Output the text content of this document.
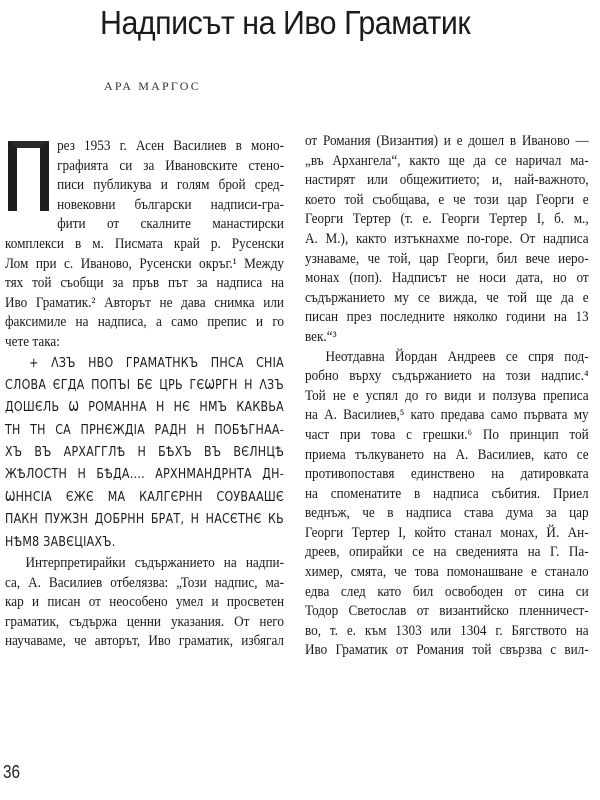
Надписът на Иво Граматик
АРА МАРГОС
рез 1953 г. Асен Василиев в моно-
графията си за Ивановските стено-
писи публикува и голям брой сред-
новековни български надписи-гра-
фити от скалните манастирски
комплекси в м. Писмата край р. Русенски
Лом при с. Иваново, Русенски окръг.¹ Между
тях той съобщи за пръв път за надписа на
Иво Граматик.² Авторът не дава снимка или
факсимиле на надписа, а само препис и го
чете така:
+ ΛЗЪ НВО ГРАМАТНКЪ ПНСА СНІА
СЛОВА ЄГДА ПОПЪІ БЄ ЦРЬ ГЄѠРГН Н ΛЗЪ
ДОШЄЛЬ Ѡ РОМАННА Н НЄ НМЪ КАКВЬА
ТН ТН СА ПРНЄЖДІА РАДН Н ПОБѢГНАА-
ХЪ ВЪ АРХАГГЛѢ Н БѢХЪ ВЪ ВЄЛНЦѢ
ЖѢЛОСТН Н БѢДА.... АРХНМАНДРНТА ДН-
ѠННСІА ЄЖЄ МА КАЛГЄРНН СОУВААШЄ
ПАКН ПУЖЗН ДОБРНН БРАТ, Н НАСЄТНЄ КЬ
НѢМ8 ЗАВЄЦІАХЪ.
Интерпретирайки съдържанието на надпи-
са, А. Василиев отбелязва: „Този надпис, ма-
кар и писан от неособено умел и просветен
граматик, съдържа ценни указания. От него
научаваме, че авторът, Иво граматик, избягал
от Романия (Византия) и е дошел в Иваново —
„въ Архангела“, както ще да се наричал ма-
настирят или общежитието; и, най-важното,
което той съобщава, е че този цар Георги е
Георги Тертер (т. е. Георги Тертер I, б. м.,
А. М.), както изтъкнахме по-горе. От надписа
узнаваме, че той, цар Георги, бил вече иеро-
монах (поп). Надписът не носи дата, но от
съдържанието му се вижда, че той ще да е
писан през последните няколко години на 13
век.“³
Неотдавна Йордан Андреев се спря под-
робно върху съдържанието на този надпис.⁴
Той не е успял до го види и ползува преписа
на А. Василиев,⁵ като предава само първата му
част при това с грешки.⁶ По принцип той
приема тълкуването на А. Василиев, като се
противопоставя единствено на датировката
на споменатите в надписа събития. Приел
веднъж, че в надписа става дума за цар
Георги Тертер I, който станал монах, Й. Ан-
дреев, опирайки се на сведенията на Г. Па-
химер, смята, че това помонашване е станало
едва след като бил освободен от сина си
Тодор Светослав от византийско пленничест-
во, т. е. към 1303 или 1304 г. Бягството на
Иво Граматик от Романия той свързва с вил-
36
